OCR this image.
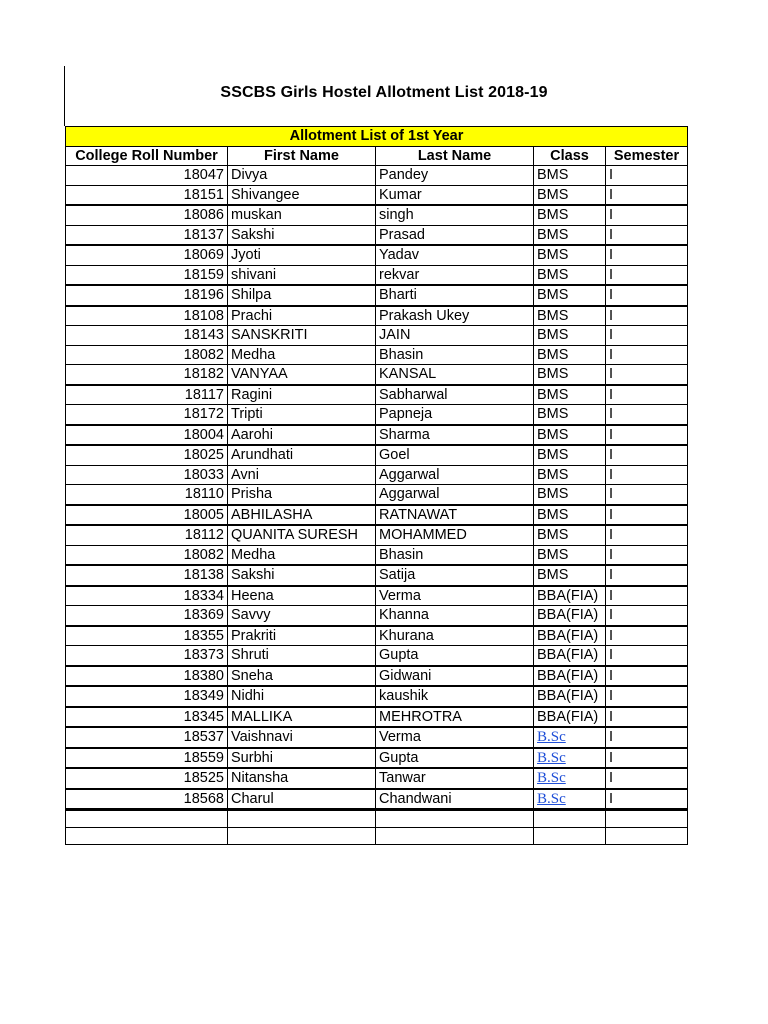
SSCBS Girls Hostel Allotment List 2018-19
Allotment List of 1st Year				
College Roll Number	First Name	Last Name	Class	Semester
18047	Divya	Pandey	BMS	I
18151	Shivangee	Kumar	BMS	I
18086	muskan	singh	BMS	I
18137	Sakshi	Prasad	BMS	I
18069	Jyoti	Yadav	BMS	I
18159	shivani	rekvar	BMS	I
18196	Shilpa	Bharti	BMS	I
18108	Prachi	Prakash Ukey	BMS	I
18143	SANSKRITI	JAIN	BMS	I
18082	Medha	Bhasin	BMS	I
18182	VANYAA	KANSAL	BMS	I
18117	Ragini	Sabharwal	BMS	I
18172	Tripti	Papneja	BMS	I
18004	Aarohi	Sharma	BMS	I
18025	Arundhati	Goel	BMS	I
18033	Avni	Aggarwal	BMS	I
18110	Prisha	Aggarwal	BMS	I
18005	ABHILASHA	RATNAWAT	BMS	I
18112	QUANITA SURESH	MOHAMMED	BMS	I
18082	Medha	Bhasin	BMS	I
18138	Sakshi	Satija	BMS	I
18334	Heena	Verma	BBA(FIA)	I
18369	Savvy	Khanna	BBA(FIA)	I
18355	Prakriti	Khurana	BBA(FIA)	I
18373	Shruti	Gupta	BBA(FIA)	I
18380	Sneha	Gidwani	BBA(FIA)	I
18349	Nidhi	kaushik	BBA(FIA)	I
18345	MALLIKA	MEHROTRA	BBA(FIA)	I
18537	Vaishnavi	Verma	B.Sc	I
18559	Surbhi	Gupta	B.Sc	I
18525	Nitansha	Tanwar	B.Sc	I
18568	Charul	Chandwani	B.Sc	I
